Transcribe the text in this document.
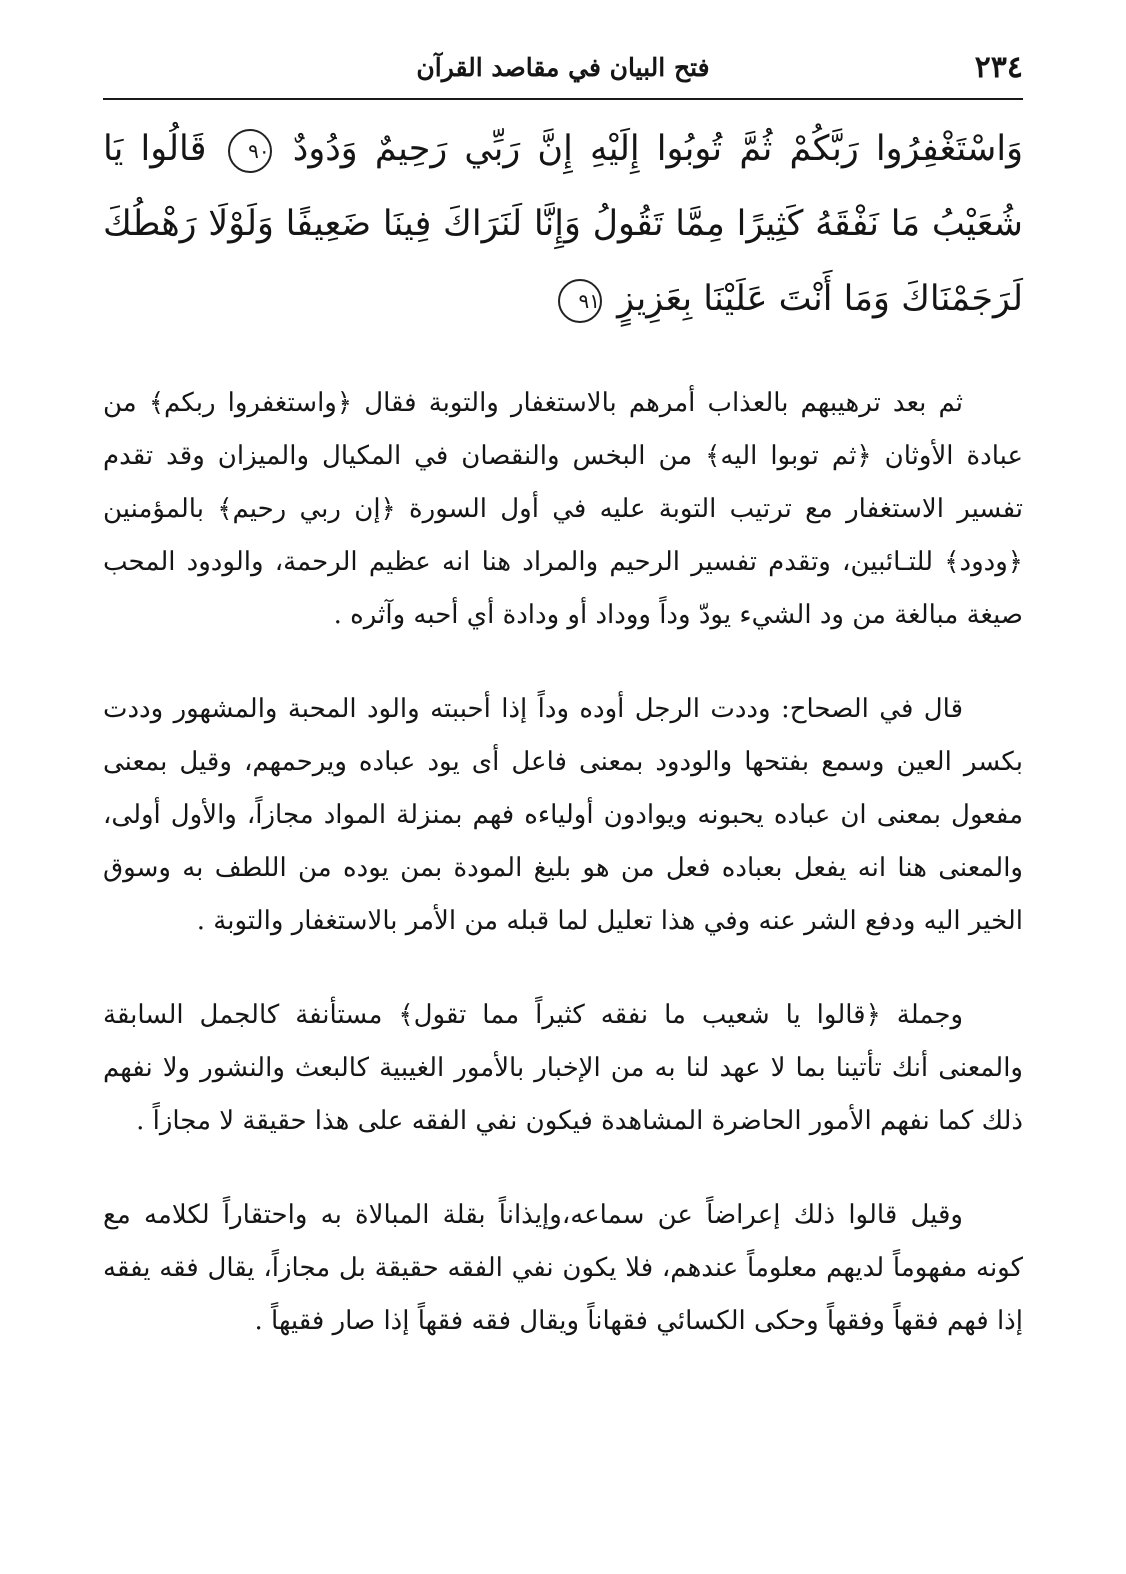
٢٣٤
فتح البيان في مقاصد القرآن
وَاسْتَغْفِرُوا رَبَّكُمْ ثُمَّ تُوبُوا إِلَيْهِ إِنَّ رَبِّي رَحِيمٌ وَدُودٌ ٩٠ قَالُوا يَا شُعَيْبُ مَا نَفْقَهُ كَثِيرًا مِمَّا تَقُولُ وَإِنَّا لَنَرَاكَ فِينَا ضَعِيفًا وَلَوْلَا رَهْطُكَ لَرَجَمْنَاكَ وَمَا أَنْتَ عَلَيْنَا بِعَزِيزٍ ٩١

ثم بعد ترهيبهم بالعذاب أمرهم بالاستغفار والتوبة فقال ﴿واستغفروا ربكم﴾ من عبادة الأوثان ﴿ثم توبوا اليه﴾ من البخس والنقصان في المكيال والميزان وقد تقدم تفسير الاستغفار مع ترتيب التوبة عليه في أول السورة ﴿إن ربي رحيم﴾ بالمؤمنين ﴿ودود﴾ للتـائبين، وتقدم تفسير الرحيم والمراد هنا انه عظيم الرحمة، والودود المحب صيغة مبالغة من ود الشيء يودّ وداً ووداد أو ودادة أي أحبه وآثره .

قال في الصحاح: وددت الرجل أوده وداً إذا أحببته والود المحبة والمشهور وددت بكسر العين وسمع بفتحها والودود بمعنى فاعل أى يود عباده ويرحمهم، وقيل بمعنى مفعول بمعنى ان عباده يحبونه ويوادون أولياءه فهم بمنزلة المواد مجازاً، والأول أولى، والمعنى هنا انه يفعل بعباده فعل من هو بليغ المودة بمن يوده من اللطف به وسوق الخير اليه ودفع الشر عنه وفي هذا تعليل لما قبله من الأمر بالاستغفار والتوبة .

وجملة ﴿قالوا يا شعيب ما نفقه كثيراً مما تقول﴾ مستأنفة كالجمل السابقة والمعنى أنك تأتينا بما لا عهد لنا به من الإخبار بالأمور الغيبية كالبعث والنشور ولا نفهم ذلك كما نفهم الأمور الحاضرة المشاهدة فيكون نفي الفقه على هذا حقيقة لا مجازاً .

وقيل قالوا ذلك إعراضاً عن سماعه،وإيذاناً بقلة المبالاة به واحتقاراً لكلامه مع كونه مفهوماً لديهم معلوماً عندهم، فلا يكون نفي الفقه حقيقة بل مجازاً، يقال فقه يفقه إذا فهم فقهاً وفقهاً وحكى الكسائي فقهاناً ويقال فقه فقهاً إذا صار فقيهاً .
